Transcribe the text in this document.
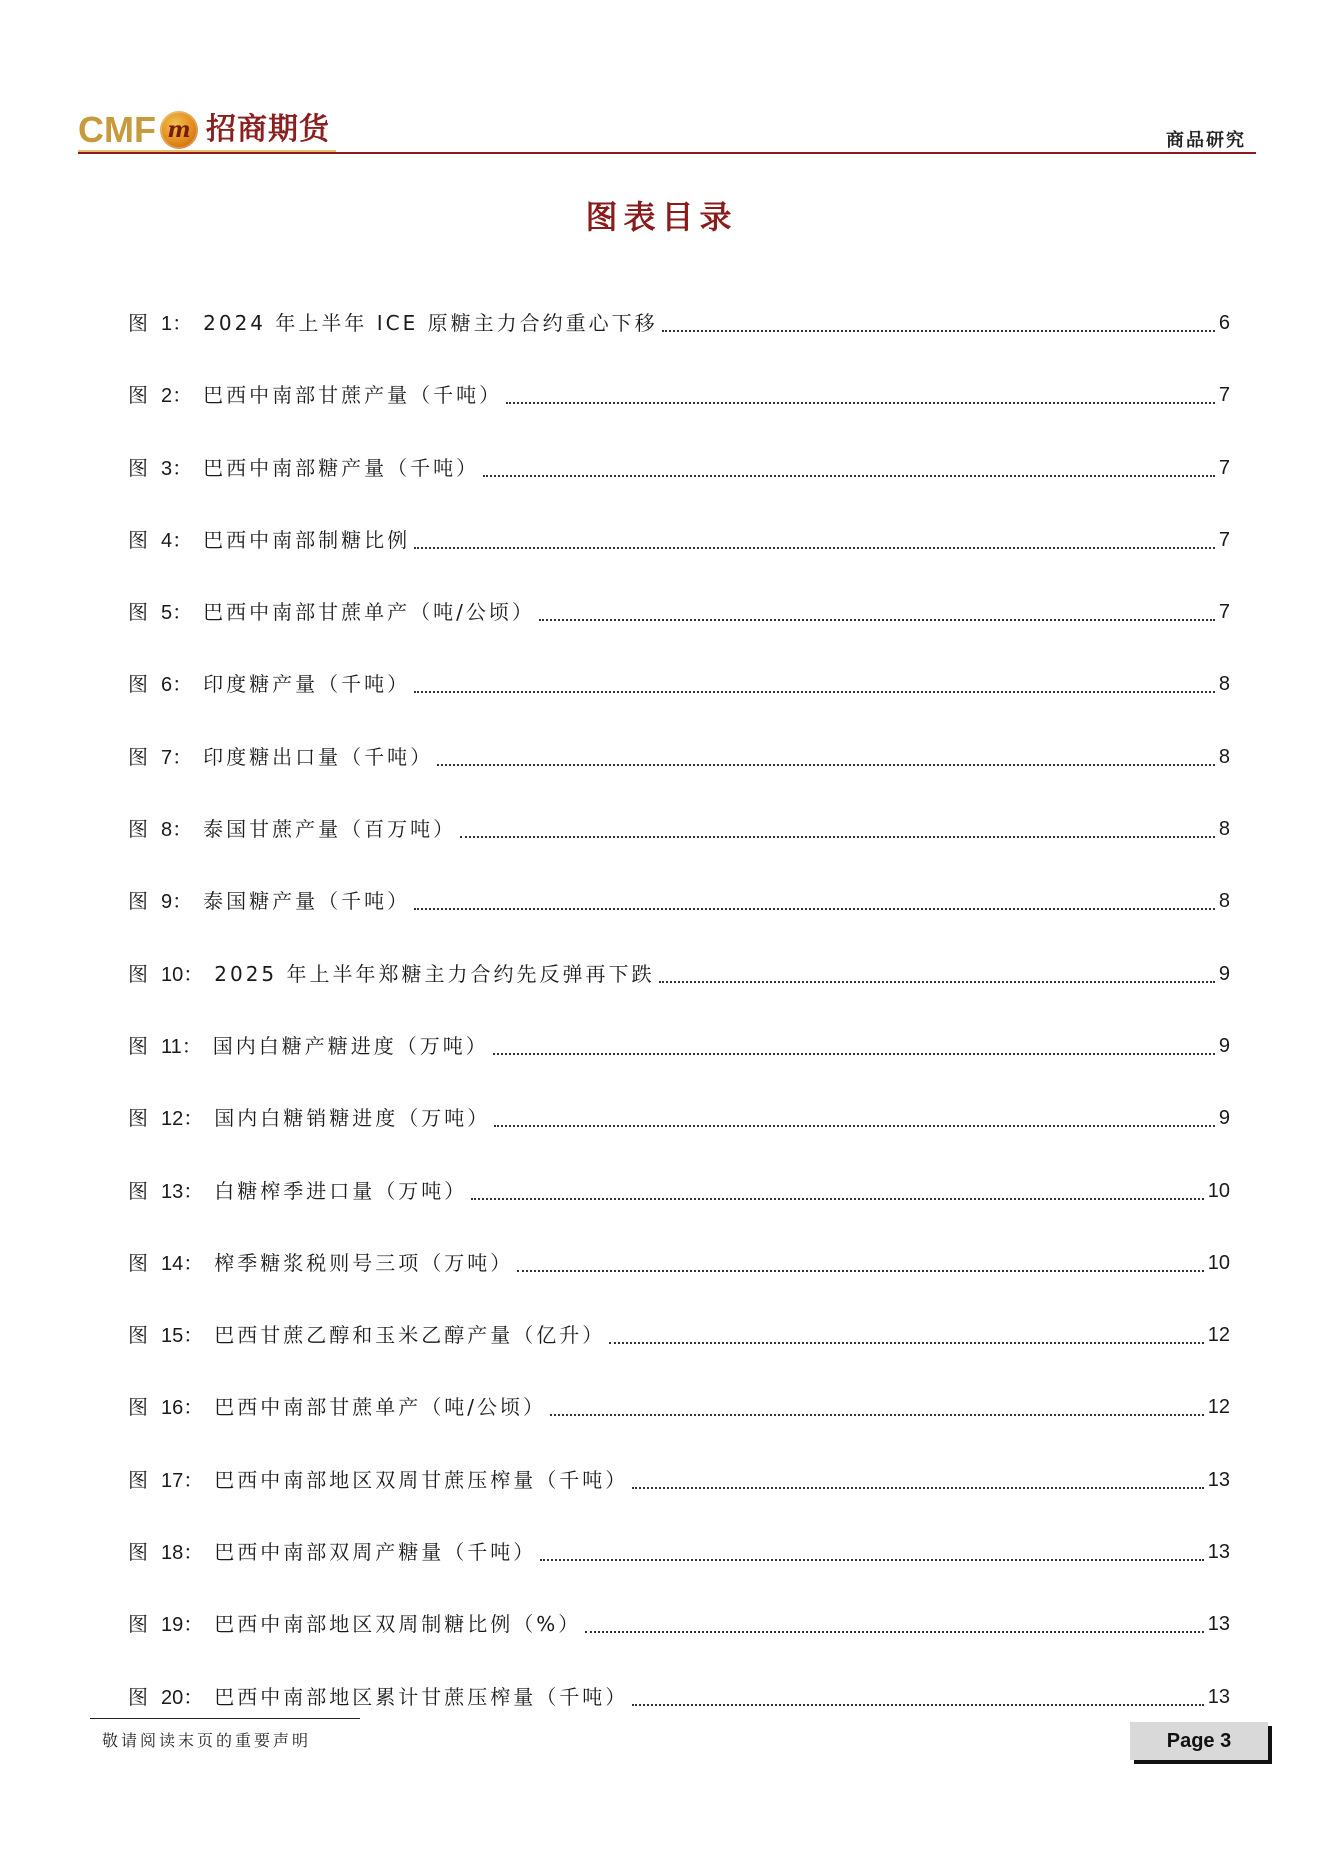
CMF m 招商期货	商品研究
图表目录
图 1： 2024 年上半年 ICE 原糖主力合约重心下移	6
图 2： 巴西中南部甘蔗产量（千吨）	7
图 3： 巴西中南部糖产量（千吨）	7
图 4： 巴西中南部制糖比例	7
图 5： 巴西中南部甘蔗单产（吨/公顷）	7
图 6： 印度糖产量（千吨）	8
图 7： 印度糖出口量（千吨）	8
图 8： 泰国甘蔗产量（百万吨）	8
图 9： 泰国糖产量（千吨）	8
图 10： 2025 年上半年郑糖主力合约先反弹再下跌	9
图 11： 国内白糖产糖进度（万吨）	9
图 12： 国内白糖销糖进度（万吨）	9
图 13： 白糖榨季进口量（万吨）	10
图 14： 榨季糖浆税则号三项（万吨）	10
图 15： 巴西甘蔗乙醇和玉米乙醇产量（亿升）	12
图 16： 巴西中南部甘蔗单产（吨/公顷）	12
图 17： 巴西中南部地区双周甘蔗压榨量（千吨）	13
图 18： 巴西中南部双周产糖量（千吨）	13
图 19： 巴西中南部地区双周制糖比例（%）	13
图 20： 巴西中南部地区累计甘蔗压榨量（千吨）	13
敬请阅读末页的重要声明	Page 3
